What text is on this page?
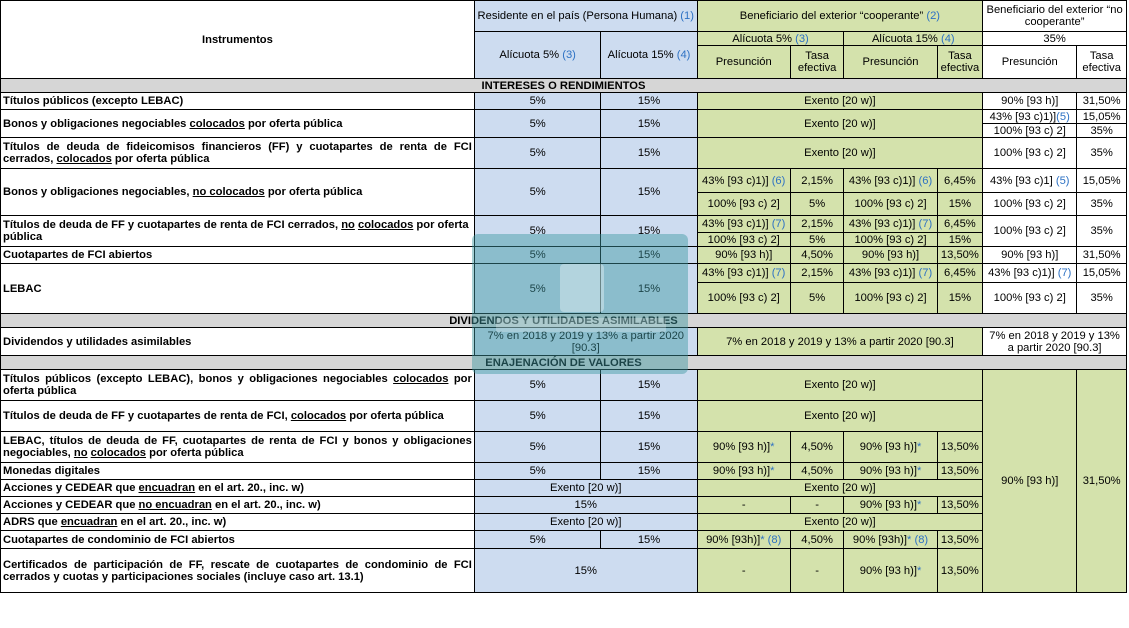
Instrumentos	Residente en el país (Persona Humana) (1)		Beneficiario del exterior “cooperante” (2)				Beneficiario del exterior “no cooperante”	
	Alícuota 5% (3)	Alícuota 15% (4)	Alícuota 5% (3)		Alícuota 15% (4)		35%	
			Presunción	Tasa efectiva	Presunción	Tasa efectiva	Presunción	Tasa efectiva
INTERESES O RENDIMIENTOS								
Títulos públicos (excepto LEBAC)	5%	15%	Exento [20 w)]				90% [93 h)]	31,50%
Bonos y obligaciones negociables colocados por oferta pública	5%	15%	Exento [20 w)]				43% [93 c)1)](5)	15,05%
							100% [93 c) 2]	35%
Títulos de deuda de fideicomisos financieros (FF) y cuotapartes de renta de FCI cerrados, colocados por oferta pública	5%	15%	Exento [20 w)]				100% [93 c) 2]	35%
Bonos y obligaciones negociables, no colocados por oferta pública	5%	15%	43% [93 c)1)] (6)	2,15%	43% [93 c)1)] (6)	6,45%	43% [93 c)1] (5)	15,05%
			100% [93 c) 2]	5%	100% [93 c) 2]	15%	100% [93 c) 2]	35%
Títulos de deuda de FF y cuotapartes de renta de FCI cerrados, no colocados por oferta pública	5%	15%	43% [93 c)1)] (7)	2,15%	43% [93 c)1)] (7)	6,45%	100% [93 c) 2]	35%
			100% [93 c) 2]	5%	100% [93 c) 2]	15%		
Cuotapartes de FCI abiertos	5%	15%	90% [93 h)]	4,50%	90% [93 h)]	13,50%	90% [93 h)]	31,50%
LEBAC	5%	15%	43% [93 c)1)] (7)	2,15%	43% [93 c)1)] (7)	6,45%	43% [93 c)1)] (7)	15,05%
			100% [93 c) 2]	5%	100% [93 c) 2]	15%	100% [93 c) 2]	35%
DIVIDENDOS Y UTILIDADES ASIMILABLES								
Dividendos y utilidades asimilables	7% en 2018 y 2019 y 13% a partir 2020 [90.3]		7% en 2018 y 2019 y 13% a partir 2020 [90.3]				7% en 2018 y 2019 y 13% a partir 2020 [90.3]	
ENAJENACIÓN DE VALORES								
Títulos públicos (excepto LEBAC), bonos y obligaciones negociables colocados por oferta pública	5%	15%	Exento [20 w)]				90% [93 h)]	31,50%
Títulos de deuda de FF y cuotapartes de renta de FCI, colocados por oferta pública	5%	15%	Exento [20 w)]					
LEBAC, títulos de deuda de FF, cuotapartes de renta de FCI y bonos y obligaciones negociables, no colocados por oferta pública	5%	15%	90% [93 h)]*	4,50%	90% [93 h)]*	13,50%		
Monedas digitales	5%	15%	90% [93 h)]*	4,50%	90% [93 h)]*	13,50%		
Acciones y CEDEAR que encuadran en el art. 20., inc. w)	Exento [20 w)]		Exento [20 w)]					
Acciones y CEDEAR que no encuadran en el art. 20., inc. w)	15%		-	-	90% [93 h)]*	13,50%		
ADRS que encuadran en el art. 20., inc. w)	Exento [20 w)]		Exento [20 w)]					
Cuotapartes de condominio de FCI abiertos	5%	15%	90% [93h)]* (8)	4,50%	90% [93h)]* (8)	13,50%		
Certificados de participación de FF, rescate de cuotapartes de condominio de FCI cerrados y cuotas y participaciones sociales (incluye caso art. 13.1)	15%		-	-	90% [93 h)]*	13,50%		
